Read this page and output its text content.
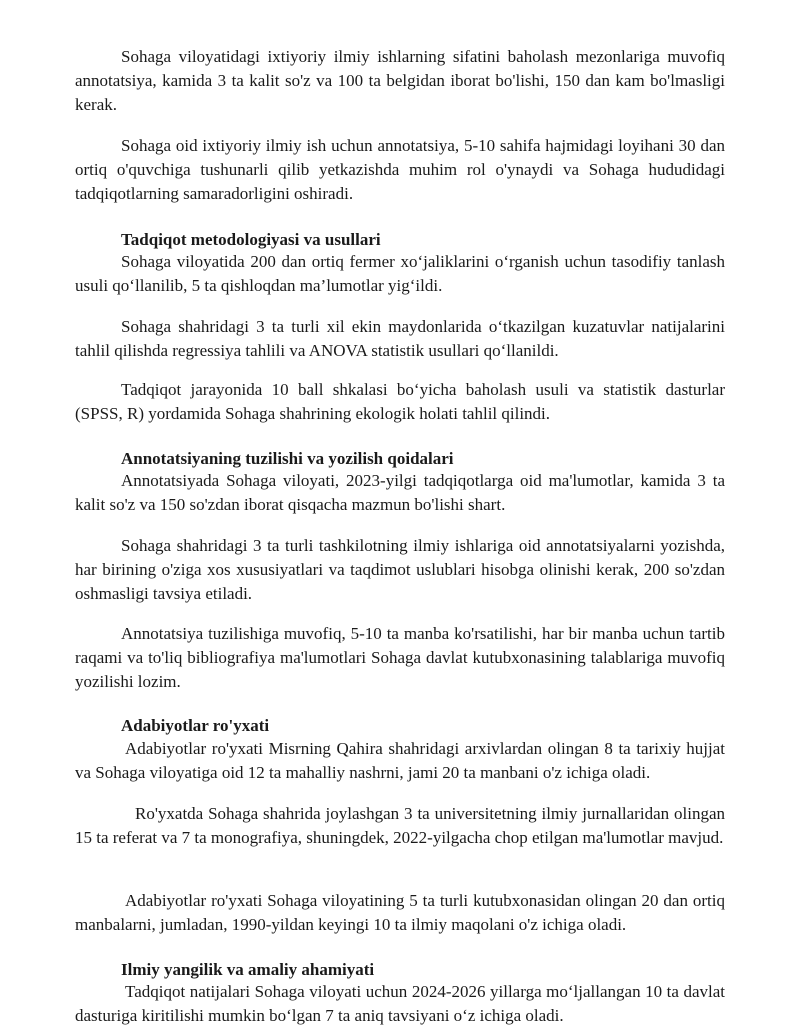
Sohaga viloyatidagi ixtiyoriy ilmiy ishlarning sifatini baholash mezonlariga muvofiq annotatsiya, kamida 3 ta kalit so'z va 100 ta belgidan iborat bo'lishi, 150 dan kam bo'lmasligi kerak.

Sohaga oid ixtiyoriy ilmiy ish uchun annotatsiya, 5-10 sahifa hajmidagi loyihani 30 dan ortiq o'quvchiga tushunarli qilib yetkazishda muhim rol o'ynaydi va Sohaga hududidagi tadqiqotlarning samaradorligini oshiradi.

Tadqiqot metodologiyasi va usullari

Sohaga viloyatida 200 dan ortiq fermer xo‘jaliklarini o‘rganish uchun tasodifiy tanlash usuli qo‘llanilib, 5 ta qishloqdan ma’lumotlar yig‘ildi.

Sohaga shahridagi 3 ta turli xil ekin maydonlarida o‘tkazilgan kuzatuvlar natijalarini tahlil qilishda regressiya tahlili va ANOVA statistik usullari qo‘llanildi.

Tadqiqot jarayonida 10 ball shkalasi bo‘yicha baholash usuli va statistik dasturlar (SPSS, R) yordamida Sohaga shahrining ekologik holati tahlil qilindi.

Annotatsiyaning tuzilishi va yozilish qoidalari

Annotatsiyada Sohaga viloyati, 2023-yilgi tadqiqotlarga oid ma'lumotlar, kamida 3 ta kalit so'z va 150 so'zdan iborat qisqacha mazmun bo'lishi shart.

Sohaga shahridagi 3 ta turli tashkilotning ilmiy ishlariga oid annotatsiyalarni yozishda, har birining o'ziga xos xususiyatlari va taqdimot uslublari hisobga olinishi kerak, 200 so'zdan oshmasligi tavsiya etiladi.

Annotatsiya tuzilishiga muvofiq, 5-10 ta manba ko'rsatilishi, har bir manba uchun tartib raqami va to'liq bibliografiya ma'lumotlari Sohaga davlat kutubxonasining talablariga muvofiq yozilishi lozim.

Adabiyotlar ro'yxati

Adabiyotlar ro'yxati Misrning Qahira shahridagi arxivlardan olingan 8 ta tarixiy hujjat va Sohaga viloyatiga oid 12 ta mahalliy nashrni, jami 20 ta manbani o'z ichiga oladi.

Ro'yxatda Sohaga shahrida joylashgan 3 ta universitetning ilmiy jurnallaridan olingan 15 ta referat va 7 ta monografiya, shuningdek, 2022-yilgacha chop etilgan ma'lumotlar mavjud.

Adabiyotlar ro'yxati Sohaga viloyatining 5 ta turli kutubxonasidan olingan 20 dan ortiq manbalarni, jumladan, 1990-yildan keyingi 10 ta ilmiy maqolani o'z ichiga oladi.

Ilmiy yangilik va amaliy ahamiyati

Tadqiqot natijalari Sohaga viloyati uchun 2024-2026 yillarga mo‘ljallangan 10 ta davlat dasturiga kiritilishi mumkin bo‘lgan 7 ta aniq tavsiyani o‘z ichiga oladi.
